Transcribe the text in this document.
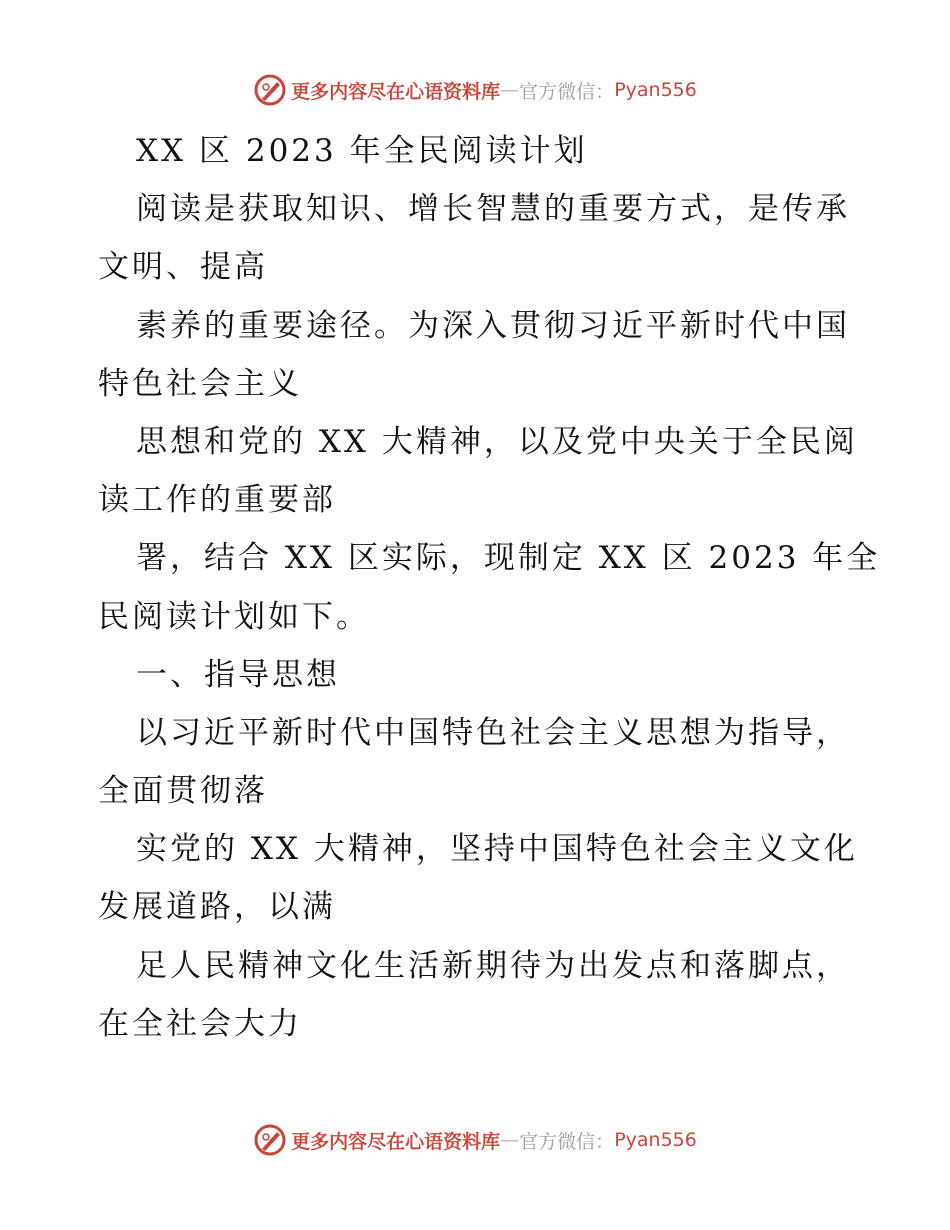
更多内容尽在心语资料库 — 官方微信： Pyan556
XX 区 2023 年全民阅读计划
阅读是获取知识、增长智慧的重要方式，是传承
文明、提高
素养的重要途径。为深入贯彻习近平新时代中国
特色社会主义
思想和党的 XX 大精神，以及党中央关于全民阅
读工作的重要部
署，结合 XX 区实际，现制定 XX 区 2023 年全
民阅读计划如下。
一、指导思想
以习近平新时代中国特色社会主义思想为指导，
全面贯彻落
实党的 XX 大精神，坚持中国特色社会主义文化
发展道路，以满
足人民精神文化生活新期待为出发点和落脚点，
在全社会大力
更多内容尽在心语资料库 — 官方微信： Pyan556
